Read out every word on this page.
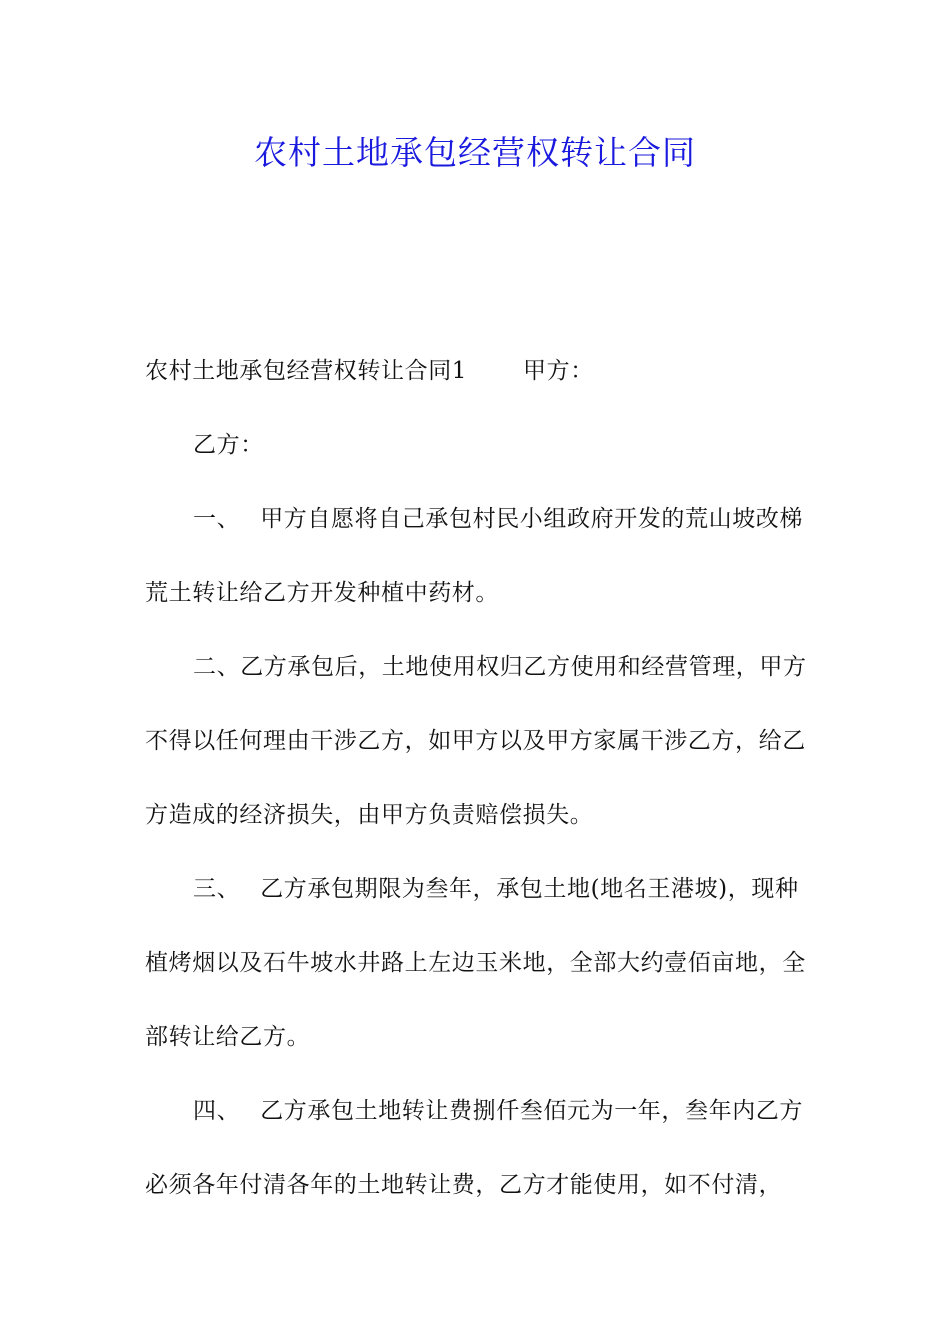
农村土地承包经营权转让合同

农村土地承包经营权转让合同1 甲方：

乙方：

一、 甲方自愿将自己承包村民小组政府开发的荒山坡改梯荒土转让给乙方开发种植中药材。

二、乙方承包后，土地使用权归乙方使用和经营管理，甲方不得以任何理由干涉乙方，如甲方以及甲方家属干涉乙方，给乙方造成的经济损失，由甲方负责赔偿损失。

三、 乙方承包期限为叁年，承包土地(地名王港坡)，现种植烤烟以及石牛坡水井路上左边玉米地，全部大约壹佰亩地，全部转让给乙方。

四、 乙方承包土地转让费捌仟叁佰元为一年，叁年内乙方必须各年付清各年的土地转让费，乙方才能使用，如不付清，
